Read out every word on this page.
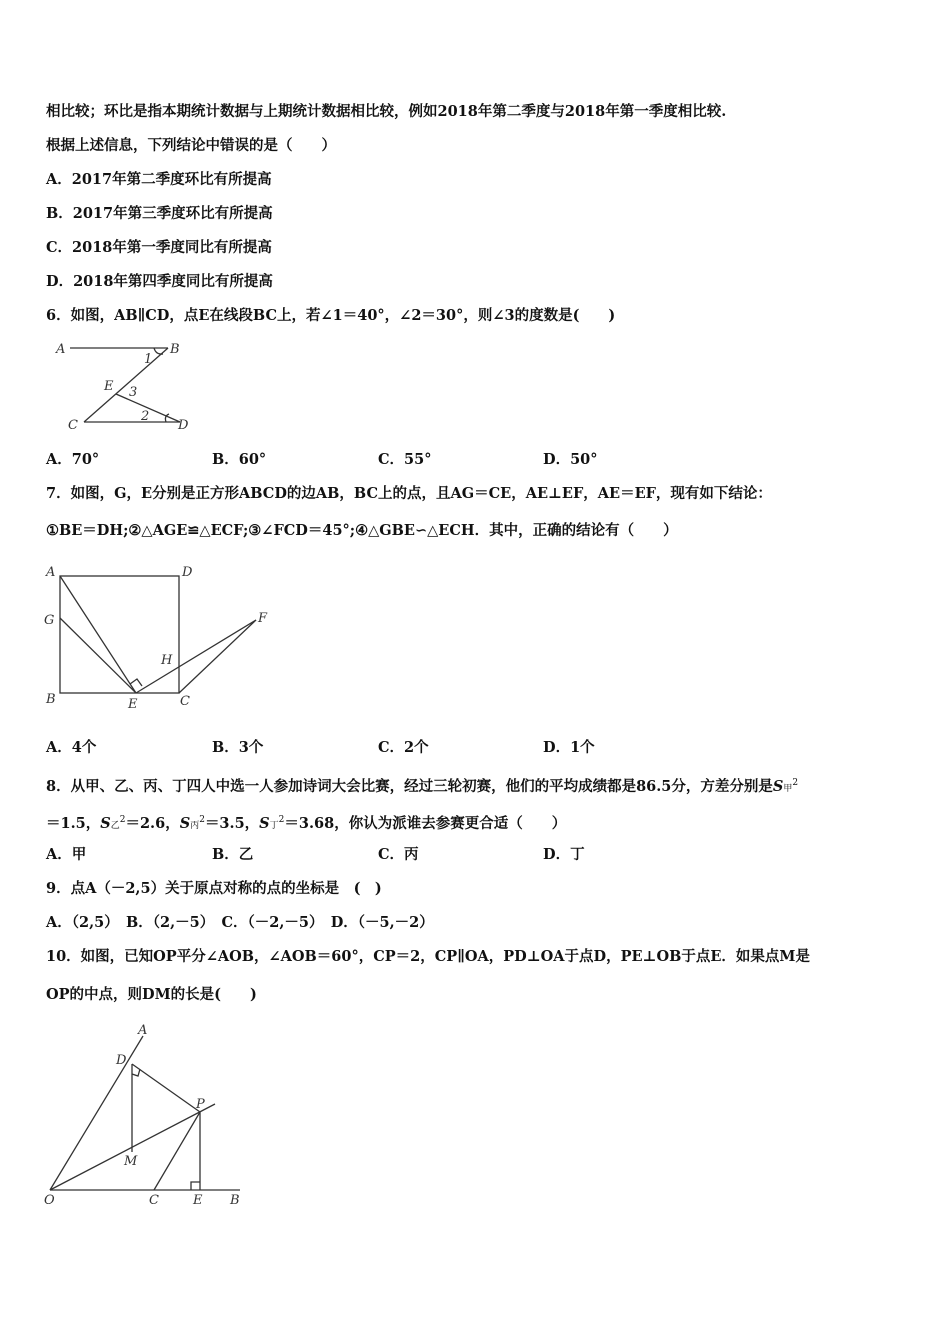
相比较；环比是指本期统计数据与上期统计数据相比较，例如2018年第二季度与2018年第一季度相比较.
根据上述信息，下列结论中错误的是（　　）
A．2017年第二季度环比有所提高
B．2017年第三季度环比有所提高
C．2018年第一季度同比有所提高
D．2018年第四季度同比有所提高
6．如图，AB∥CD，点E在线段BC上，若∠1＝40°，∠2＝30°，则∠3的度数是(　　)
A	B
C	D
E
1
2
3
A．70°	B．60°	C．55°	D．50°
7．如图，G，E分别是正方形ABCD的边AB，BC上的点，且AG＝CE，AE⊥EF，AE＝EF，现有如下结论：
①BE＝DH;②△AGE≌△ECF;③∠FCD＝45°;④△GBE∽△ECH．其中，正确的结论有（　　）
A	D
G
B	E	C
F
H
A．4个	B．3个	C．2个	D．1个
8．从甲、乙、丙、丁四人中选一人参加诗词大会比赛，经过三轮初赛，他们的平均成绩都是86.5分，方差分别是S甲$^2$
＝1.5，S乙$^2$＝2.6，S丙$^2$＝3.5，S丁$^2$＝3.68，你认为派谁去参赛更合适（　　）
A．甲	B．乙	C．丙	D．丁
9．点A（－2,5）关于原点对称的点的坐标是　(　)
A．（2,5）　B．（2,－5）　C．（－2,－5）　D．（－5,－2）
10．如图，已知OP平分∠AOB，∠AOB＝60°，CP＝2，CP∥OA，PD⊥OA于点D，PE⊥OB于点E．如果点M是
OP的中点，则DM的长是(　　)
A
D
P
M
O	C	E B
